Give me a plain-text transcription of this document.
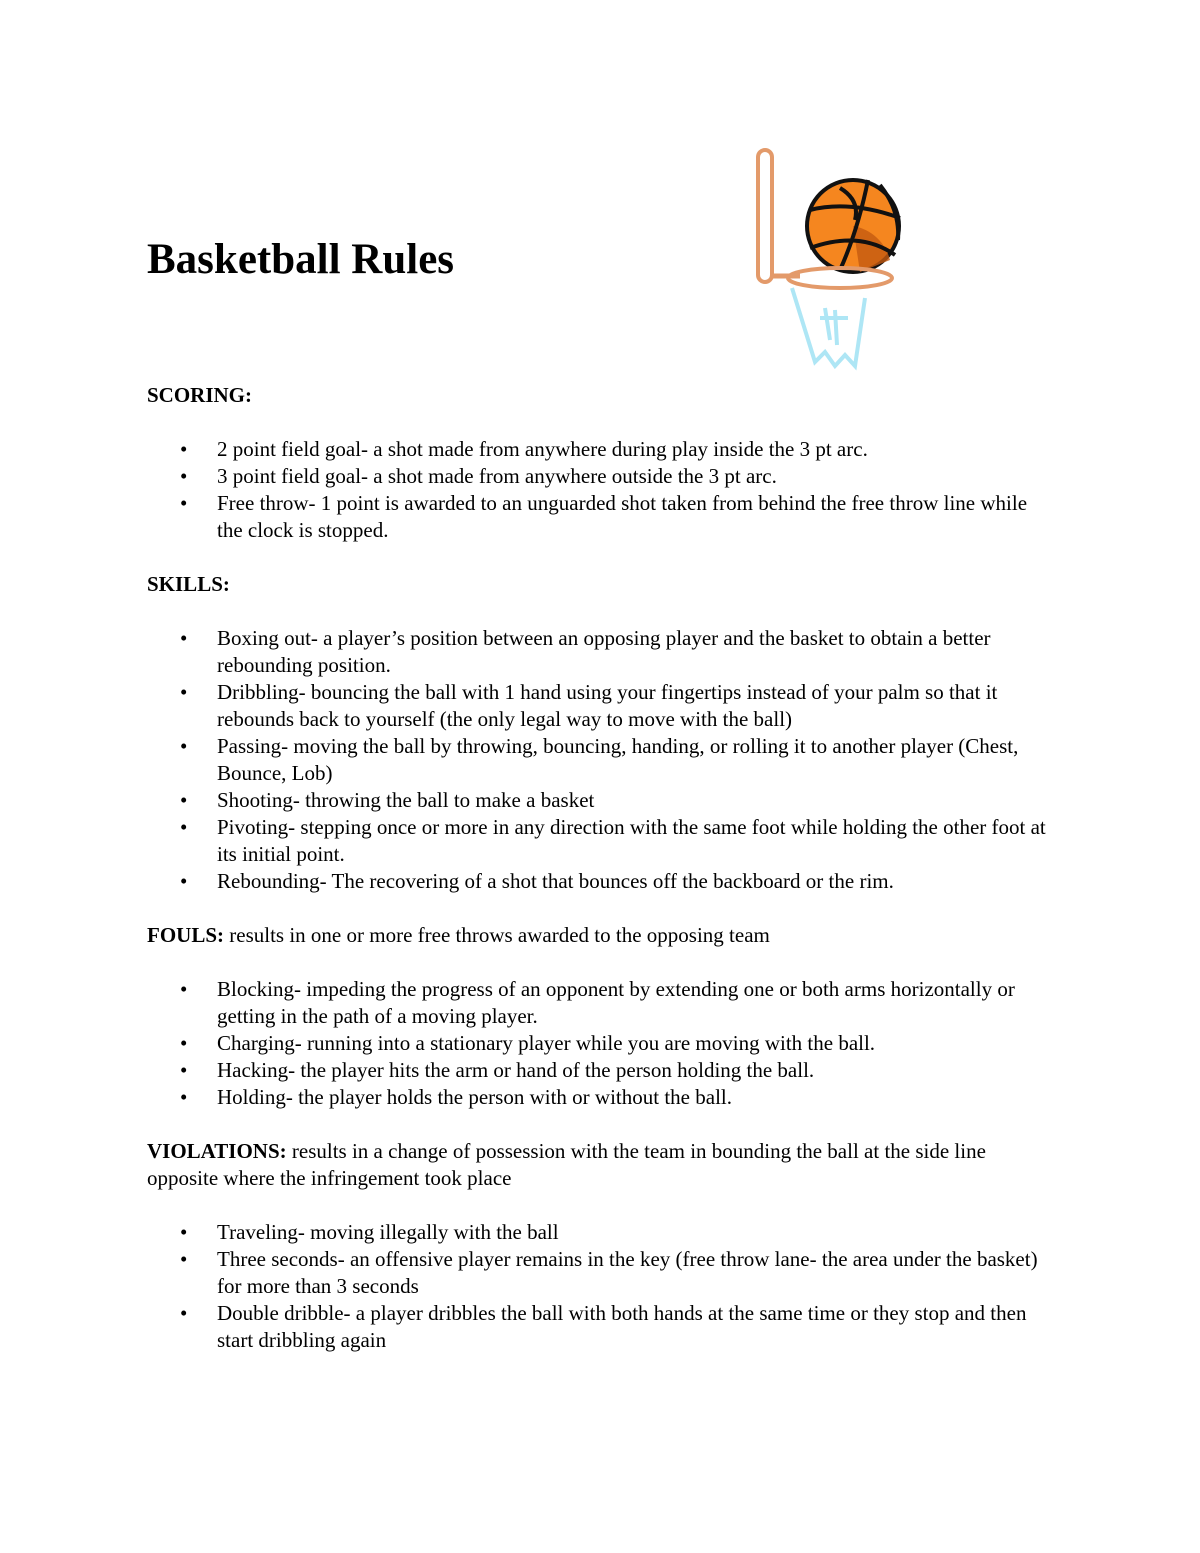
Basketball Rules

SCORING:

• 2 point field goal- a shot made from anywhere during play inside the 3 pt arc.
• 3 point field goal- a shot made from anywhere outside the 3 pt arc.
• Free throw- 1 point is awarded to an unguarded shot taken from behind the free throw line while the clock is stopped.

SKILLS:

• Boxing out- a player’s position between an opposing player and the basket to obtain a better rebounding position.
• Dribbling- bouncing the ball with 1 hand using your fingertips instead of your palm so that it rebounds back to yourself (the only legal way to move with the ball)
• Passing- moving the ball by throwing, bouncing, handing, or rolling it to another player (Chest, Bounce, Lob)
• Shooting- throwing the ball to make a basket
• Pivoting- stepping once or more in any direction with the same foot while holding the other foot at its initial point.
• Rebounding- The recovering of a shot that bounces off the backboard or the rim.

FOULS: results in one or more free throws awarded to the opposing team

• Blocking- impeding the progress of an opponent by extending one or both arms horizontally or getting in the path of a moving player.
• Charging- running into a stationary player while you are moving with the ball.
• Hacking- the player hits the arm or hand of the person holding the ball.
• Holding- the player holds the person with or without the ball.

VIOLATIONS: results in a change of possession with the team in bounding the ball at the side line opposite where the infringement took place

• Traveling- moving illegally with the ball
• Three seconds- an offensive player remains in the key (free throw lane- the area under the basket) for more than 3 seconds
• Double dribble- a player dribbles the ball with both hands at the same time or they stop and then start dribbling again
